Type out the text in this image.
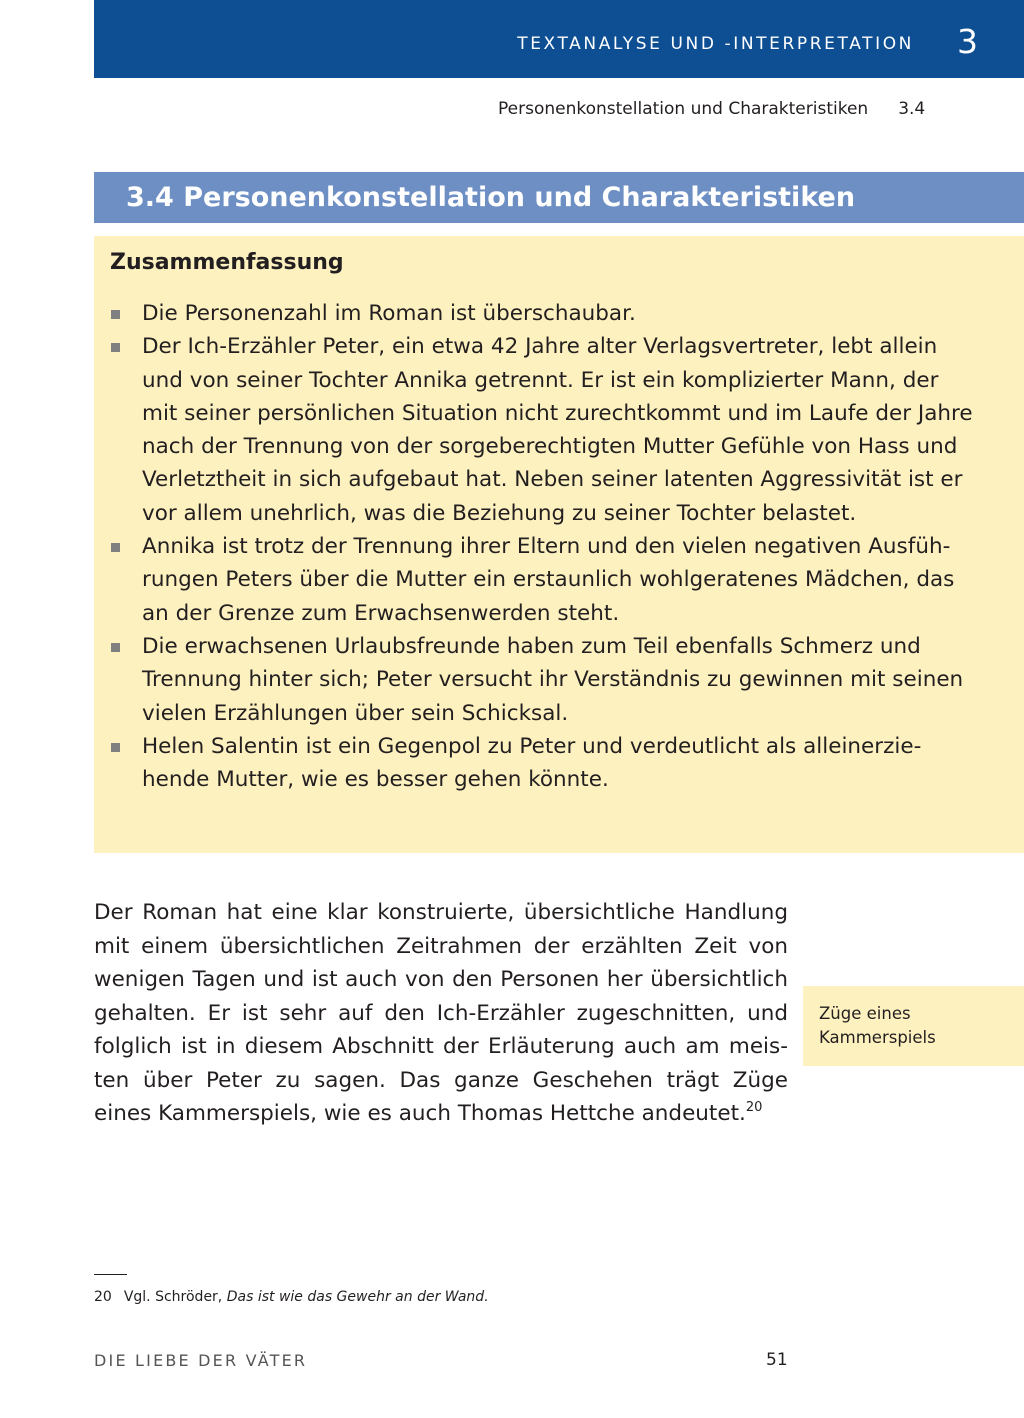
TEXTANALYSE UND -INTERPRETATION 3
Personenkonstellation und Charakteristiken 3.4
3.4 Personenkonstellation und Charakteristiken
Zusammenfassung
Die Personenzahl im Roman ist überschaubar.
Der Ich-Erzähler Peter, ein etwa 42 Jahre alter Verlagsvertreter, lebt allein und von seiner Tochter Annika getrennt. Er ist ein komplizierter Mann, der mit seiner persönlichen Situation nicht zurechtkommt und im Laufe der Jahre nach der Trennung von der sorgeberechtigten Mutter Gefühle von Hass und Verletztheit in sich aufgebaut hat. Neben seiner latenten Aggressivität ist er vor allem unehrlich, was die Beziehung zu seiner Tochter belastet.
Annika ist trotz der Trennung ihrer Eltern und den vielen negativen Ausführungen Peters über die Mutter ein erstaunlich wohlgeratenes Mädchen, das an der Grenze zum Erwachsenwerden steht.
Die erwachsenen Urlaubsfreunde haben zum Teil ebenfalls Schmerz und Trennung hinter sich; Peter versucht ihr Verständnis zu gewinnen mit seinen vielen Erzählungen über sein Schicksal.
Helen Salentin ist ein Gegenpol zu Peter und verdeutlicht als alleinerziehende Mutter, wie es besser gehen könnte.

Der Roman hat eine klar konstruierte, übersichtliche Handlung mit einem übersichtlichen Zeitrahmen der erzählten Zeit von wenigen Tagen und ist auch von den Personen her übersichtlich gehalten. Er ist sehr auf den Ich-Erzähler zugeschnitten, und folglich ist in diesem Abschnitt der Erläuterung auch am meisten über Peter zu sagen. Das ganze Geschehen trägt Züge eines Kammerspiels, wie es auch Thomas Hettche andeutet.$^{20}$

Züge eines
Kammerspiels
20 Vgl. Schröder, Das ist wie das Gewehr an der Wand.
DIE LIEBE DER VÄTER	51
